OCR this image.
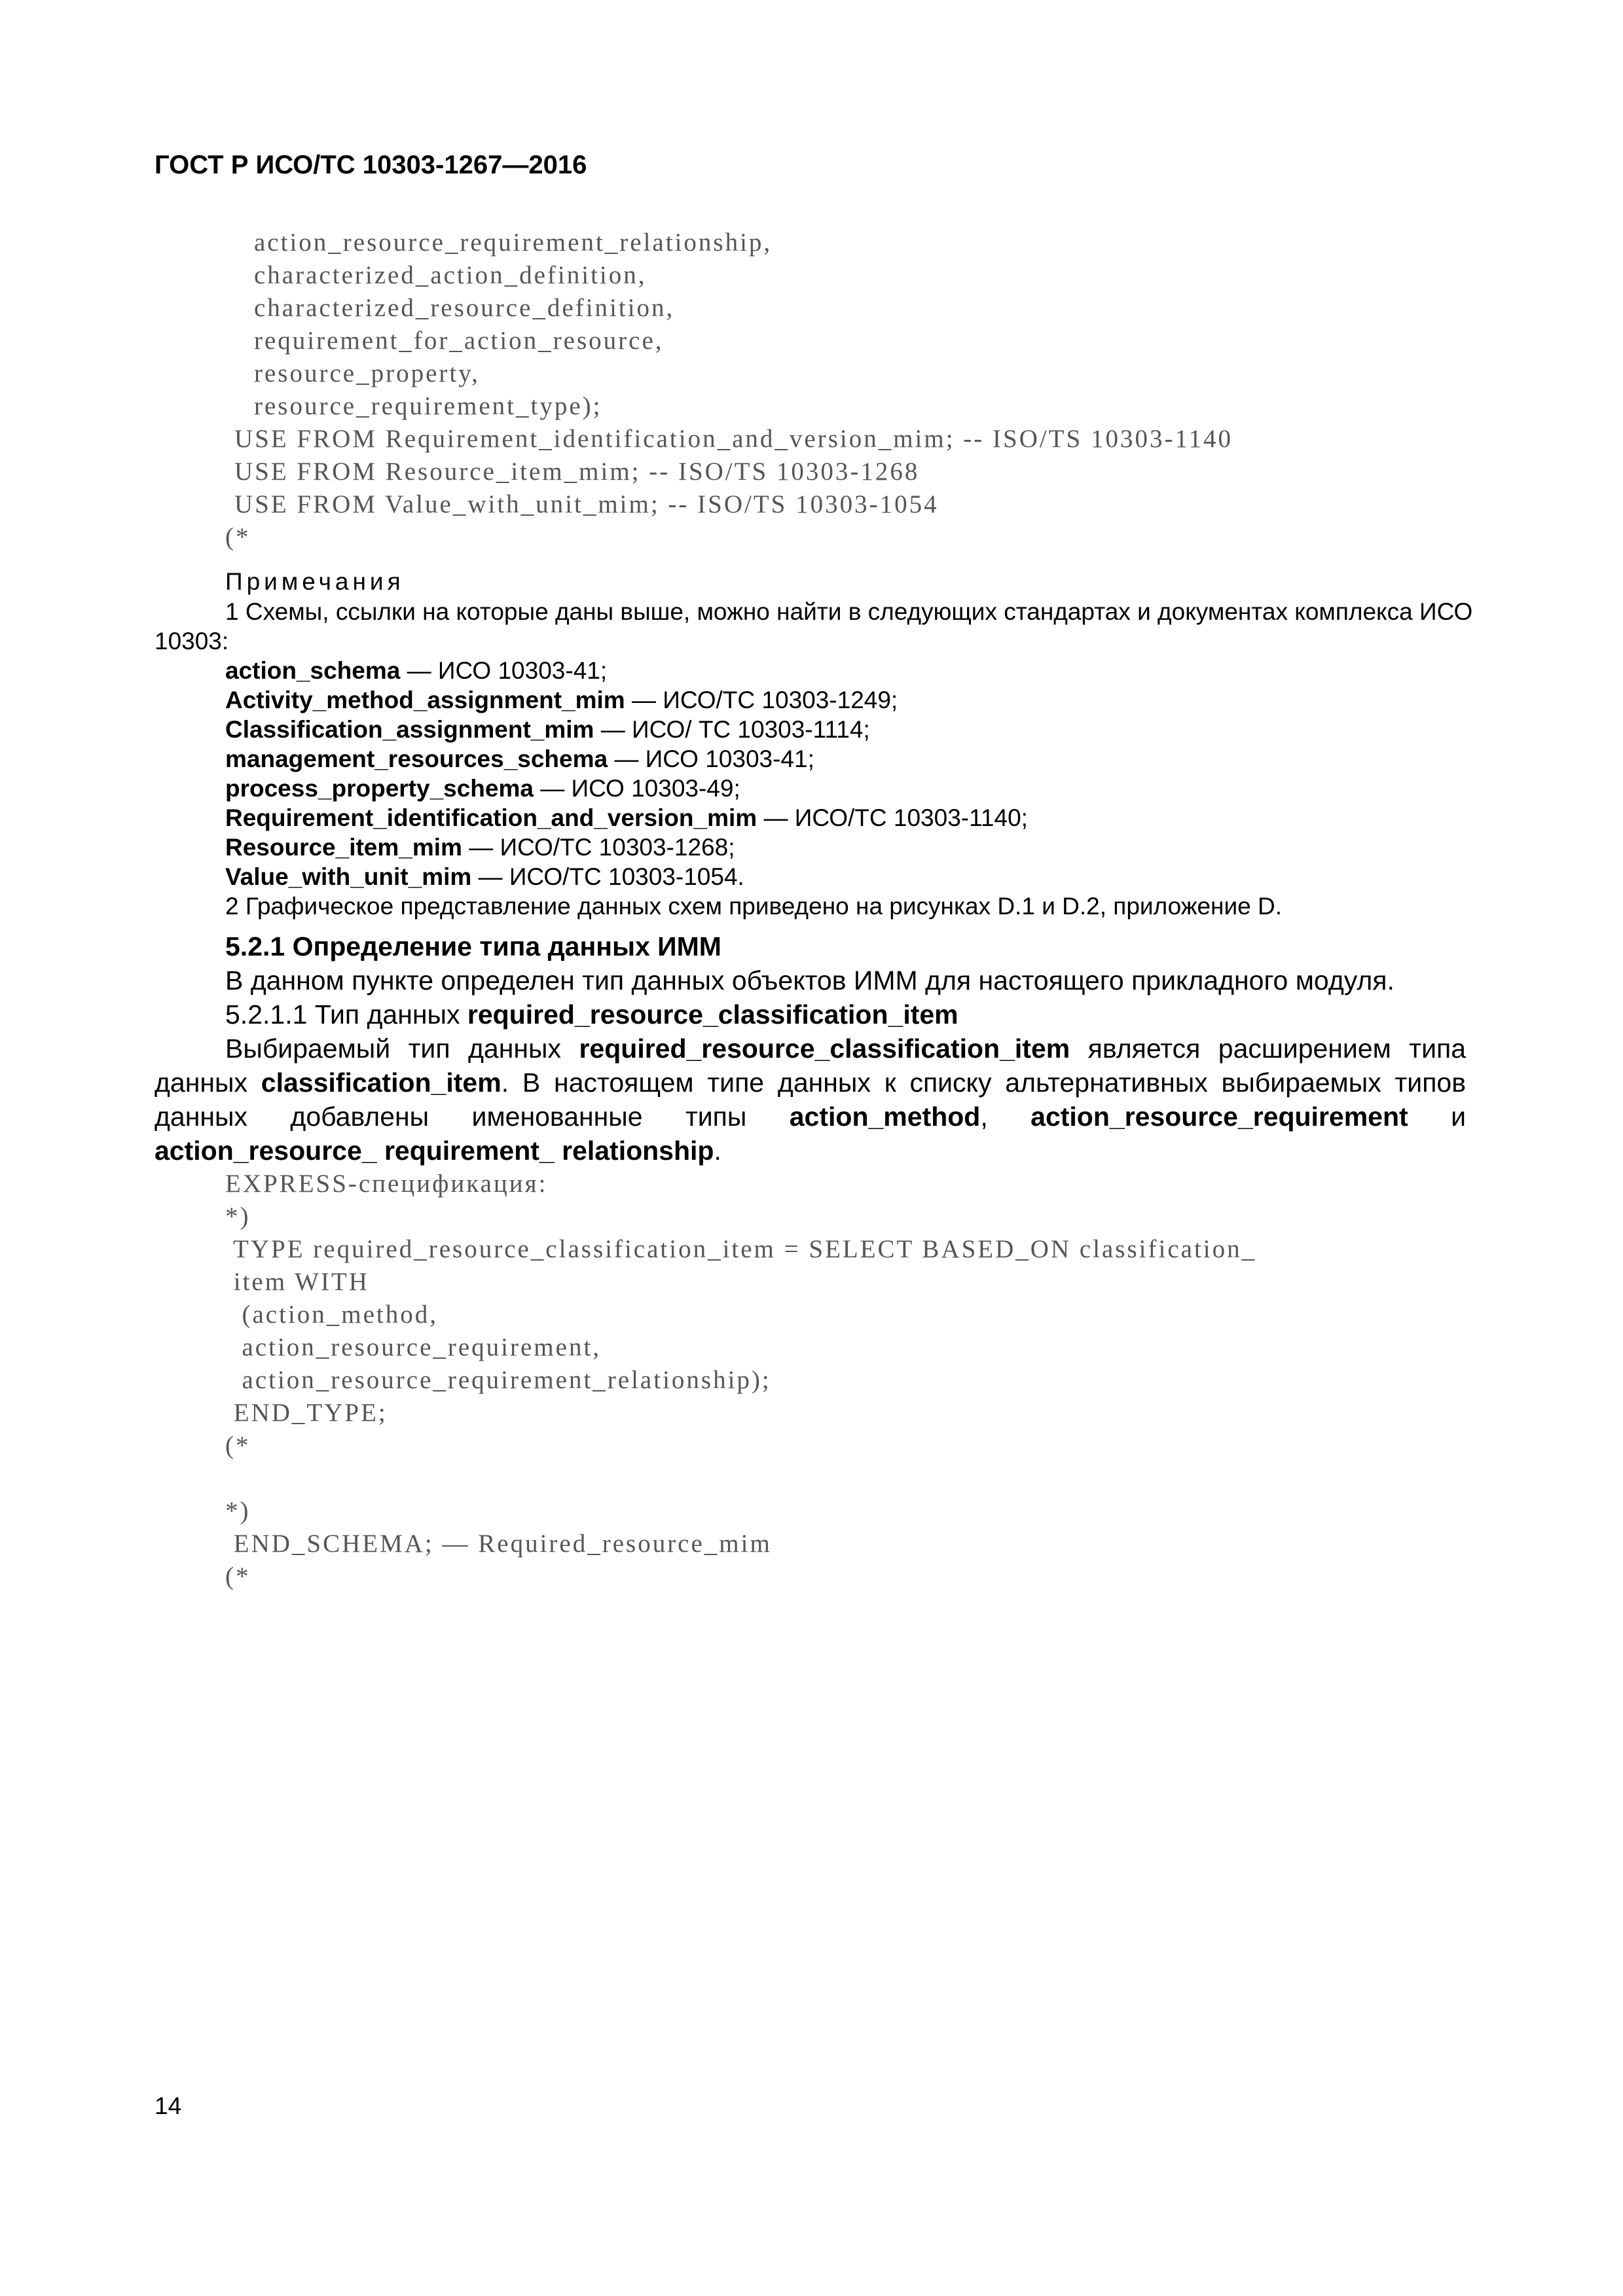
ГОСТ Р ИСО/ТС 10303-1267—2016

action_resource_requirement_relationship,

characterized_action_definition,

characterized_resource_definition,

requirement_for_action_resource,

resource_property,

resource_requirement_type);

USE FROM Requirement_identification_and_version_mim; -- ISO/TS 10303-1140

USE FROM Resource_item_mim; -- ISO/TS 10303-1268

USE FROM Value_with_unit_mim; -- ISO/TS 10303-1054

(*

Примечания
1 Схемы, ссылки на которые даны выше, можно найти в следующих стандартах и документах комплекса ИСО
10303:
action_schema — ИСО 10303-41;
Activity_method_assignment_mim — ИСО/ТС 10303-1249;
Classification_assignment_mim — ИСО/ ТС 10303-1114;
management_resources_schema — ИСО 10303-41;
process_property_schema — ИСО 10303-49;
Requirement_identification_and_version_mim — ИСО/ТС 10303-1140;
Resource_item_mim — ИСО/ТС 10303-1268;
Value_with_unit_mim — ИСО/ТС 10303-1054.
2 Графическое представление данных схем приведено на рисунках D.1 и D.2, приложение D.
5.2.1 Определение типа данных ИММ
В данном пункте определен тип данных объектов ИММ для настоящего прикладного модуля.
5.2.1.1 Тип данных required_resource_classification_item
Выбираемый тип данных required_resource_classification_item является расширением типа данных classification_item. В настоящем типе данных к списку альтернативных выбираемых типов данных добавлены именованные типы action_method, action_resource_requirement и action_resource_ requirement_ relationship.

EXPRESS-спецификация:

*)

TYPE required_resource_classification_item = SELECT BASED_ON classification_

item WITH

(action_method,

action_resource_requirement,

action_resource_requirement_relationship);

END_TYPE;

(*

*)

END_SCHEMA; — Required_resource_mim

(*

14
